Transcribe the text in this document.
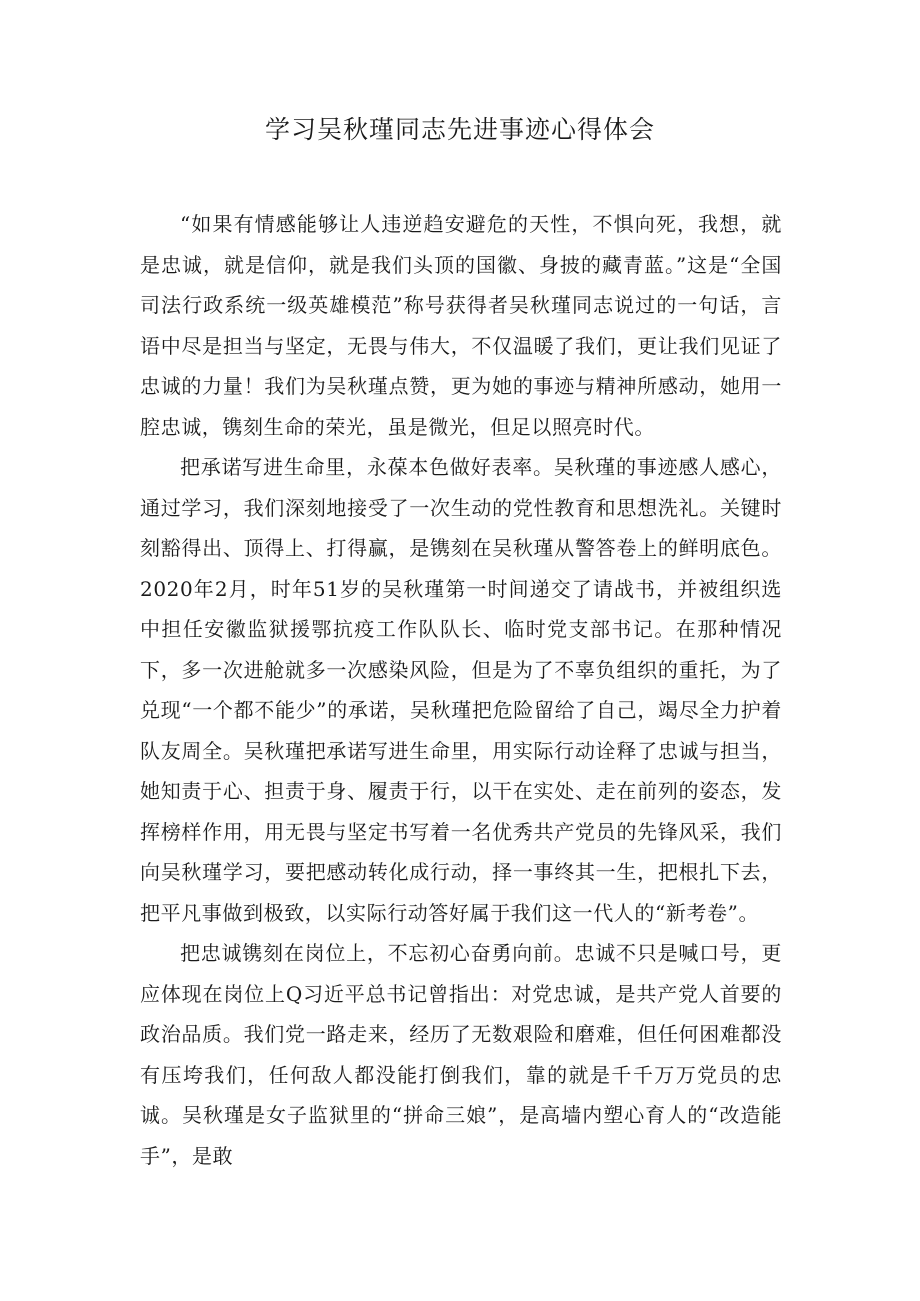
学习吴秋瑾同志先进事迹心得体会

“如果有情感能够让人违逆趋安避危的天性，不惧向死，我想，就是忠诚，就是信仰，就是我们头顶的国徽、身披的藏青蓝。”这是“全国司法行政系统一级英雄模范”称号获得者吴秋瑾同志说过的一句话，言语中尽是担当与坚定，无畏与伟大，不仅温暖了我们，更让我们见证了忠诚的力量！我们为吴秋瑾点赞，更为她的事迹与精神所感动，她用一腔忠诚，镌刻生命的荣光，虽是微光，但足以照亮时代。

把承诺写进生命里，永葆本色做好表率。吴秋瑾的事迹感人感心，通过学习，我们深刻地接受了一次生动的党性教育和思想洗礼。关键时刻豁得出、顶得上、打得赢，是镌刻在吴秋瑾从警答卷上的鲜明底色。2020年2月，时年51岁的吴秋瑾第一时间递交了请战书，并被组织选中担任安徽监狱援鄂抗疫工作队队长、临时党支部书记。在那种情况下，多一次进舱就多一次感染风险，但是为了不辜负组织的重托，为了兑现“一个都不能少”的承诺，吴秋瑾把危险留给了自己，竭尽全力护着队友周全。吴秋瑾把承诺写进生命里，用实际行动诠释了忠诚与担当，她知责于心、担责于身、履责于行，以干在实处、走在前列的姿态，发挥榜样作用，用无畏与坚定书写着一名优秀共产党员的先锋风采，我们向吴秋瑾学习，要把感动转化成行动，择一事终其一生，把根扎下去，把平凡事做到极致，以实际行动答好属于我们这一代人的“新考卷”。

把忠诚镌刻在岗位上，不忘初心奋勇向前。忠诚不只是喊口号，更应体现在岗位上Q习近平总书记曾指出：对党忠诚，是共产党人首要的政治品质。我们党一路走来，经历了无数艰险和磨难，但任何困难都没有压垮我们，任何敌人都没能打倒我们，靠的就是千千万万党员的忠诚。吴秋瑾是女子监狱里的“拼命三娘”，是高墙内塑心育人的“改造能手”，是敢
